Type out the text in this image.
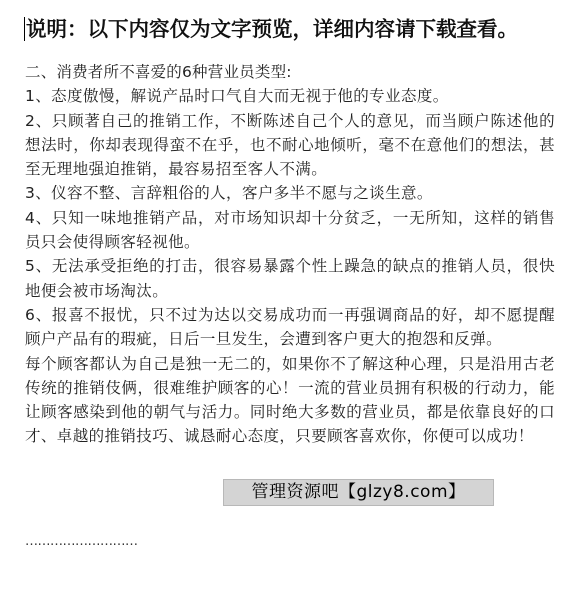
说明：以下内容仅为文字预览，详细内容请下载查看。

二、消费者所不喜爱的6种营业员类型:

1、态度傲慢，解说产品时口气自大而无视于他的专业态度。

2、只顾著自己的推销工作，不断陈述自己个人的意见，而当顾户陈述他的想法时，你却表现得蛮不在乎，也不耐心地倾听，毫不在意他们的想法，甚至无理地强迫推销，最容易招至客人不满。

3、仪容不整、言辞粗俗的人，客户多半不愿与之谈生意。

4、只知一味地推销产品，对市场知识却十分贫乏，一无所知，这样的销售员只会使得顾客轻视他。

5、无法承受拒绝的打击，很容易暴露个性上躁急的缺点的推销人员，很快地便会被市场淘汰。

6、报喜不报忧，只不过为达以交易成功而一再强调商品的好，却不愿提醒顾户产品有的瑕疵，日后一旦发生，会遭到客户更大的抱怨和反弹。

每个顾客都认为自己是独一无二的，如果你不了解这种心理，只是沿用古老传统的推销伎俩，很难维护顾客的心！一流的营业员拥有积极的行动力，能让顾客感染到他的朝气与活力。同时绝大多数的营业员，都是依靠良好的口才、卓越的推销技巧、诚恳耐心态度，只要顾客喜欢你，你便可以成功！

………………………
管理资源吧【glzy8.com】
